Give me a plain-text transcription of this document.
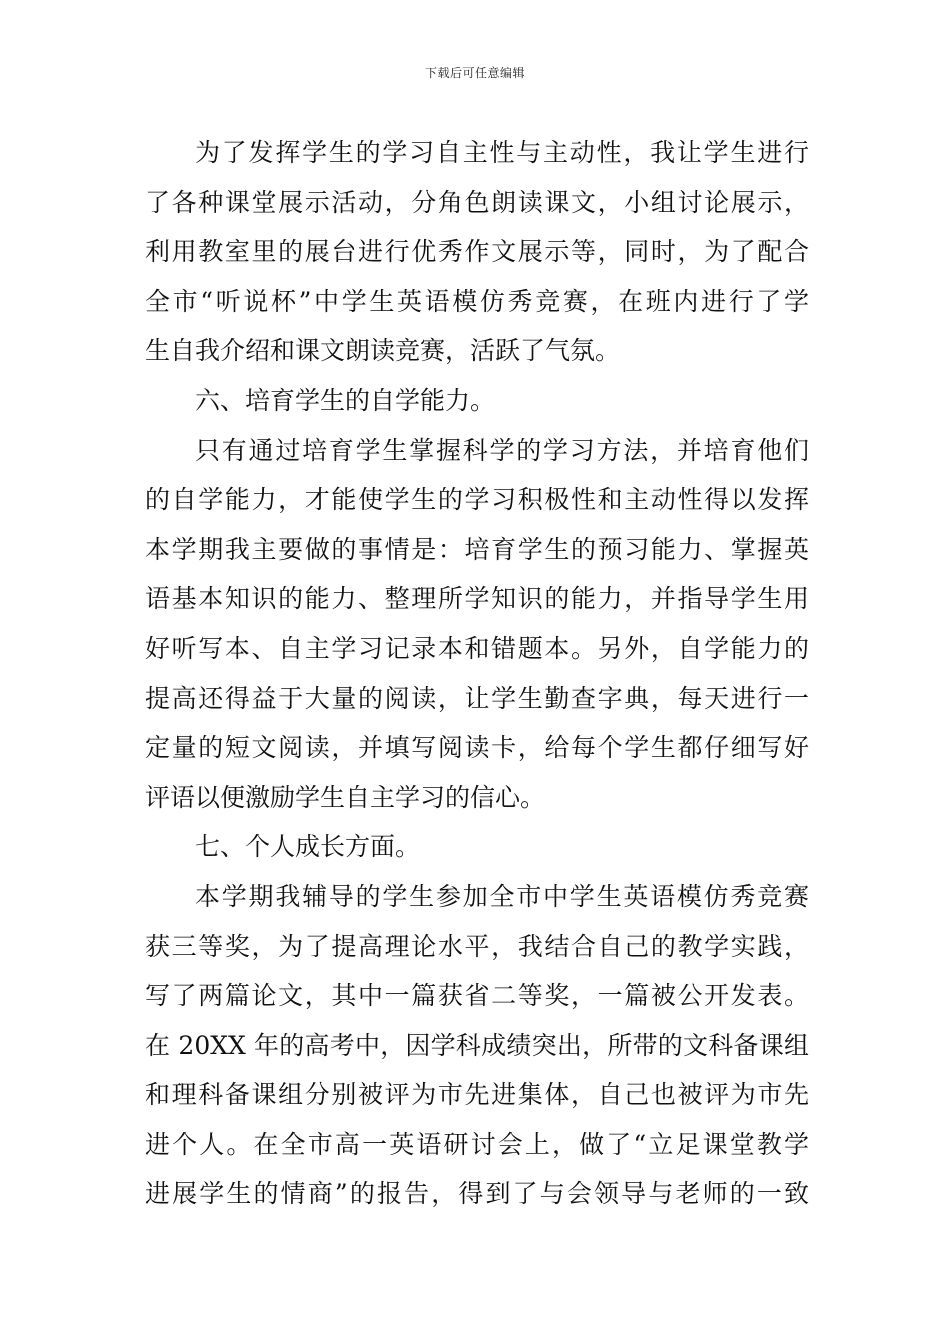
下载后可任意编辑
为了发挥学生的学习自主性与主动性，我让学生进行
了各种课堂展示活动，分角色朗读课文，小组讨论展示，
利用教室里的展台进行优秀作文展示等，同时，为了配合
全市“听说杯”中学生英语模仿秀竞赛，在班内进行了学
生自我介绍和课文朗读竞赛，活跃了气氛。
六、培育学生的自学能力。
只有通过培育学生掌握科学的学习方法，并培育他们
的自学能力，才能使学生的学习积极性和主动性得以发挥
本学期我主要做的事情是：培育学生的预习能力、掌握英
语基本知识的能力、整理所学知识的能力，并指导学生用
好听写本、自主学习记录本和错题本。另外，自学能力的
提高还得益于大量的阅读，让学生勤查字典，每天进行一
定量的短文阅读，并填写阅读卡，给每个学生都仔细写好
评语以便激励学生自主学习的信心。
七、个人成长方面。
本学期我辅导的学生参加全市中学生英语模仿秀竞赛
获三等奖，为了提高理论水平，我结合自己的教学实践，
写了两篇论文，其中一篇获省二等奖，一篇被公开发表。
在 20XX 年的高考中，因学科成绩突出，所带的文科备课组
和理科备课组分别被评为市先进集体，自己也被评为市先
进个人。在全市高一英语研讨会上，做了“立足课堂教学
进展学生的情商”的报告，得到了与会领导与老师的一致
